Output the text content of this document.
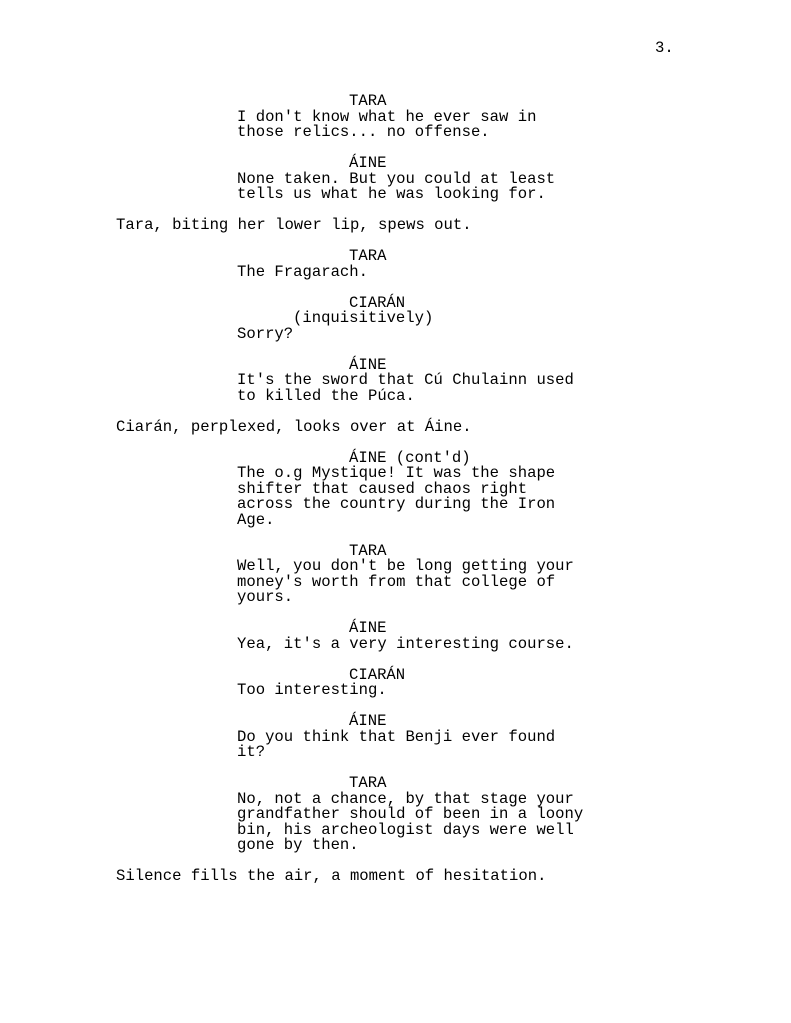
3.
TARA
I don't know what he ever saw in
those relics... no offense.
ÁINE
None taken. But you could at least
tells us what he was looking for.
Tara, biting her lower lip, spews out.
TARA
The Fragarach.
CIARÁN
(inquisitively)
Sorry?
ÁINE
It's the sword that Cú Chulainn used
to killed the Púca.
Ciarán, perplexed, looks over at Áine.
ÁINE (cont'd)
The o.g Mystique! It was the shape
shifter that caused chaos right
across the country during the Iron
Age.
TARA
Well, you don't be long getting your
money's worth from that college of
yours.
ÁINE
Yea, it's a very interesting course.
CIARÁN
Too interesting.
ÁINE
Do you think that Benji ever found
it?
TARA
No, not a chance, by that stage your
grandfather should of been in a loony
bin, his archeologist days were well
gone by then.
Silence fills the air, a moment of hesitation.
